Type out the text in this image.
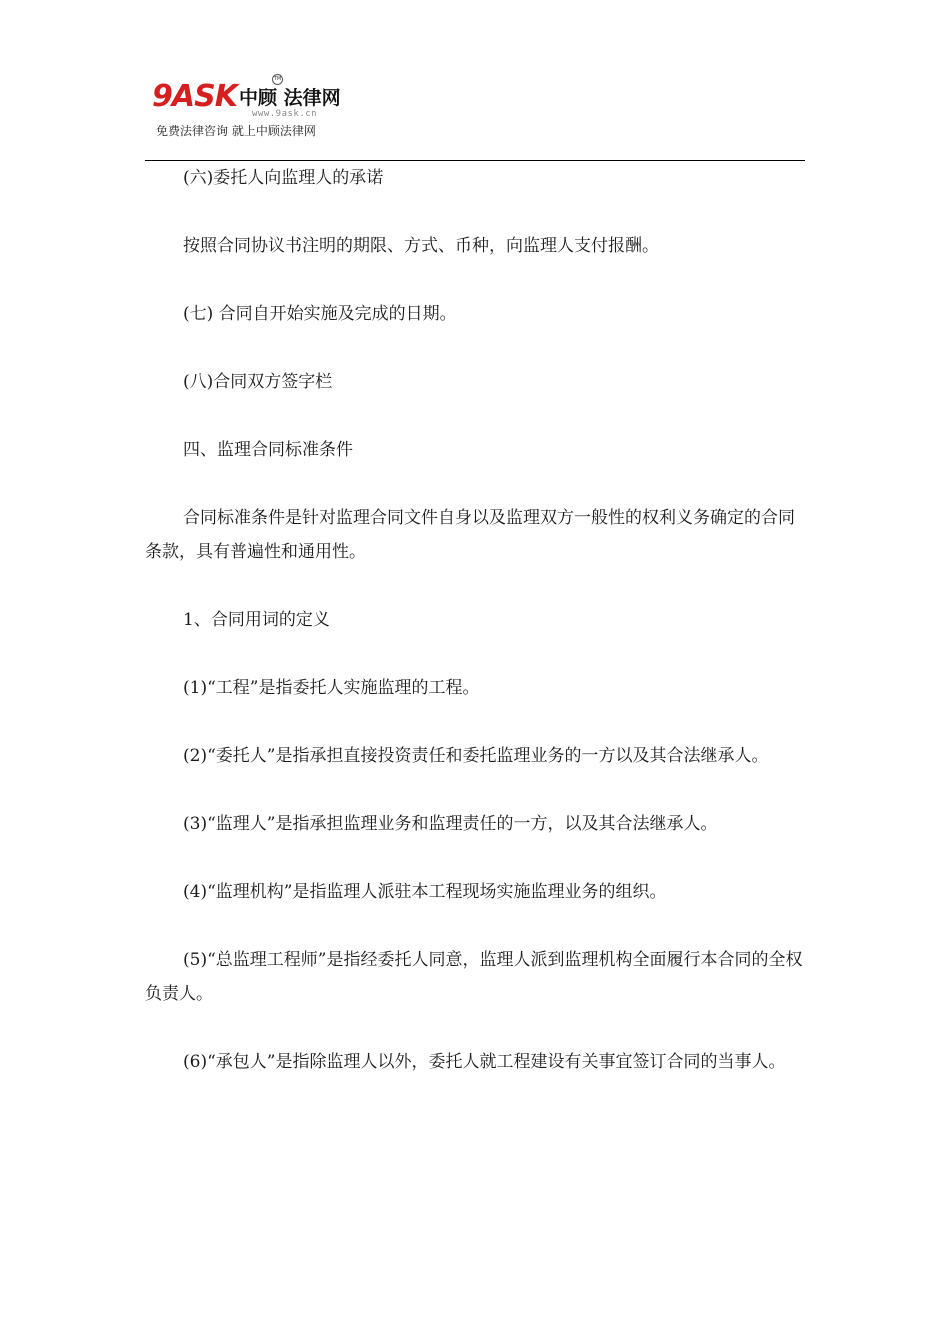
9ASK 中顾 法律网
TM
www.9ask.cn
免费法律咨询 就上中顾法律网

(六)委托人向监理人的承诺

按照合同协议书注明的期限、方式、币种，向监理人支付报酬。

(七) 合同自开始实施及完成的日期。

(八)合同双方签字栏

四、监理合同标准条件

合同标准条件是针对监理合同文件自身以及监理双方一般性的权利义务确定的合同条款，具有普遍性和通用性。

1、合同用词的定义

(1)“工程”是指委托人实施监理的工程。

(2)“委托人”是指承担直接投资责任和委托监理业务的一方以及其合法继承人。

(3)“监理人”是指承担监理业务和监理责任的一方，以及其合法继承人。

(4)“监理机构”是指监理人派驻本工程现场实施监理业务的组织。

(5)“总监理工程师”是指经委托人同意，监理人派到监理机构全面履行本合同的全权负责人。

(6)“承包人”是指除监理人以外，委托人就工程建设有关事宜签订合同的当事人。
